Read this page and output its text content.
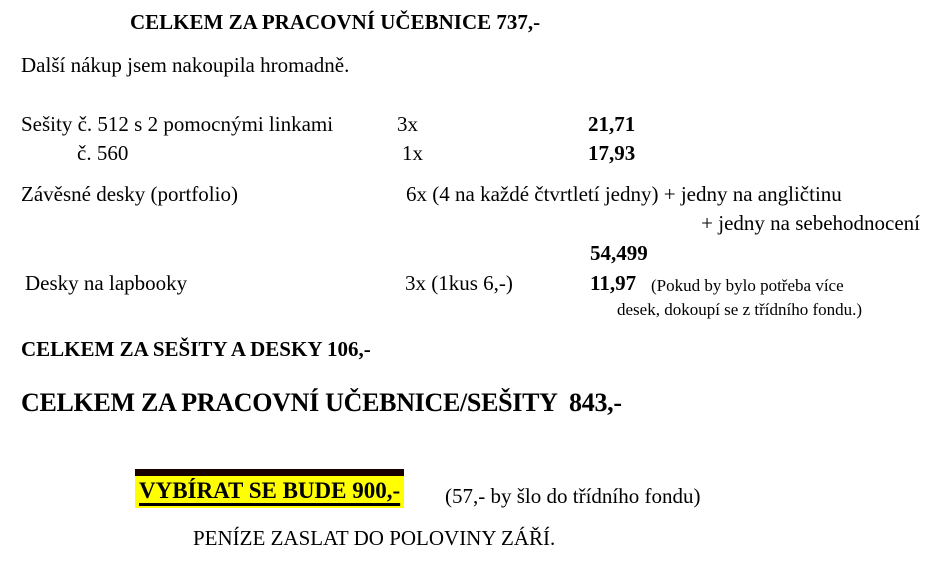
CELKEM ZA PRACOVNÍ UČEBNICE 737,-
Další nákup jsem nakoupila hromadně.
Sešity č. 512 s 2 pomocnými linkami	3x	21,71
č. 560	1x	17,93
Závěsné desky (portfolio)	6x (4 na každé čtvrtletí jedny) + jedny na angličtinu
+ jedny na sebehodnocení
54,499
Desky na lapbooky	3x (1kus 6,-)	11,97 (Pokud by bylo potřeba více
desek, dokoupí se z třídního fondu.)
CELKEM ZA SEŠITY A DESKY 106,-
CELKEM ZA PRACOVNÍ UČEBNICE/SEŠITY  843,-
VYBÍRAT SE BUDE 900,- (57,- by šlo do třídního fondu)
PENÍZE ZASLAT DO POLOVINY ZÁŘÍ.
